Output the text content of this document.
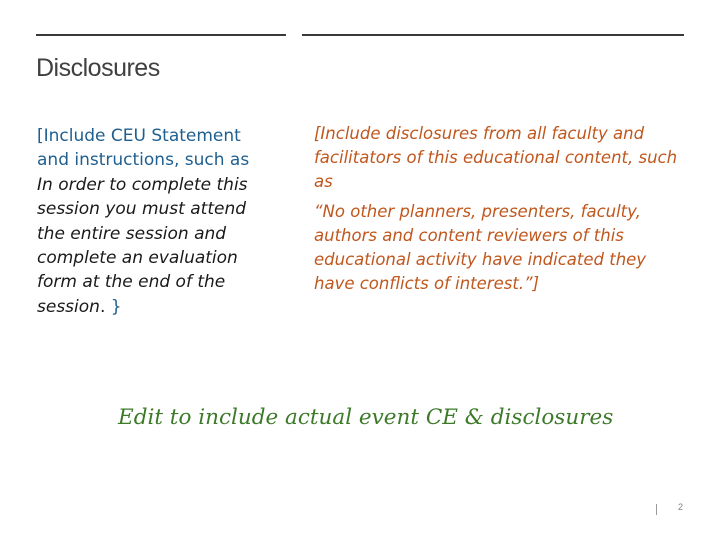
Disclosures
[Include CEU Statement and instructions, such as In order to complete this session you must attend the entire session and complete an evaluation form at the end of the session. }

[Include disclosures from all faculty and facilitators of this educational content, such as

“No other planners, presenters, faculty, authors and content reviewers of this educational activity have indicated they have conflicts of interest.”]

Edit to include actual event CE & disclosures
2
